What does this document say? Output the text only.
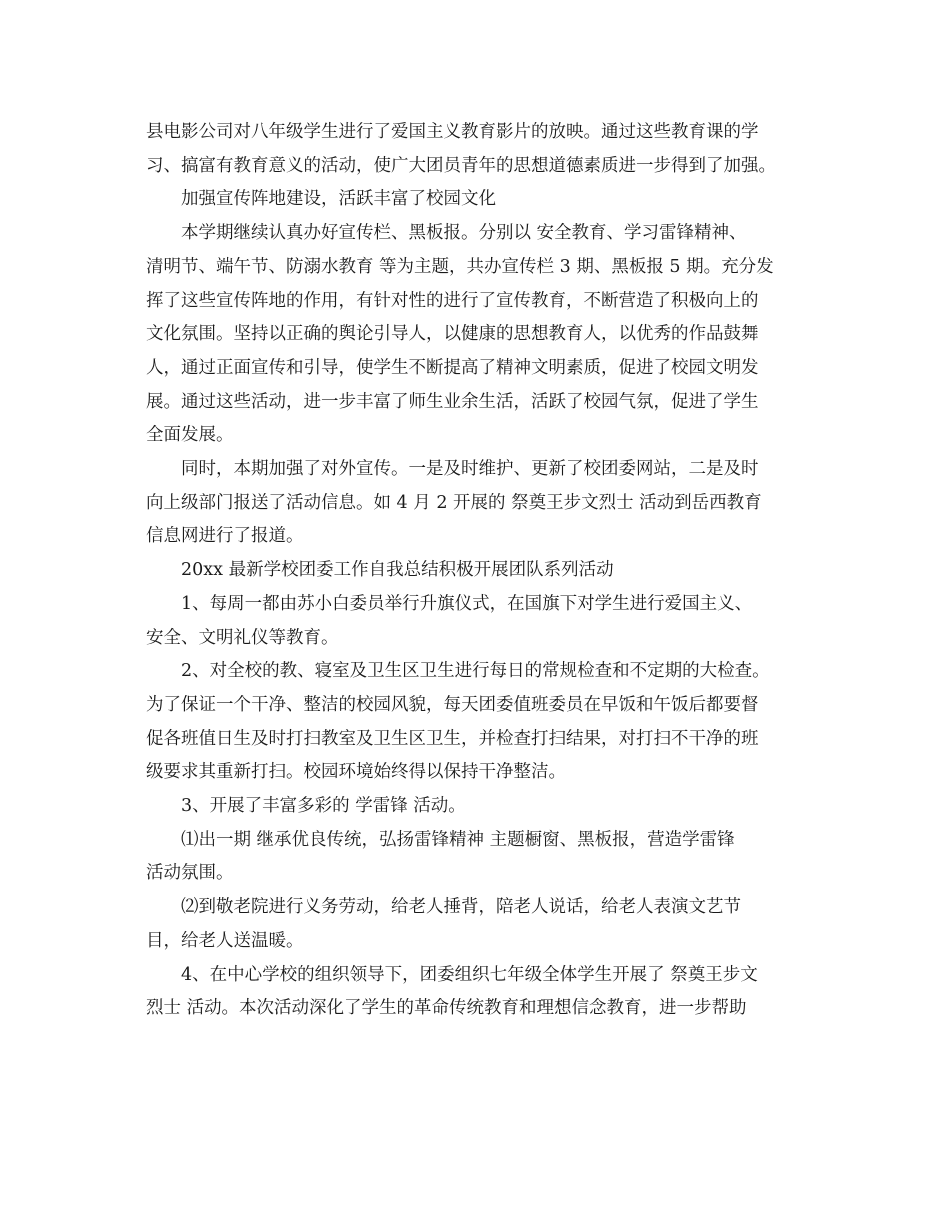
县电影公司对八年级学生进行了爱国主义教育影片的放映。通过这些教育课的学
习、搞富有教育意义的活动，使广大团员青年的思想道德素质进一步得到了加强。

加强宣传阵地建设，活跃丰富了校园文化

本学期继续认真办好宣传栏、黑板报。分别以 安全教育、学习雷锋精神、
清明节、端午节、防溺水教育 等为主题，共办宣传栏 3 期、黑板报 5 期。充分发
挥了这些宣传阵地的作用，有针对性的进行了宣传教育，不断营造了积极向上的
文化氛围。坚持以正确的舆论引导人，以健康的思想教育人，以优秀的作品鼓舞
人，通过正面宣传和引导，使学生不断提高了精神文明素质，促进了校园文明发
展。通过这些活动，进一步丰富了师生业余生活，活跃了校园气氛，促进了学生
全面发展。

同时，本期加强了对外宣传。一是及时维护、更新了校团委网站，二是及时
向上级部门报送了活动信息。如 4 月 2 开展的 祭奠王步文烈士 活动到岳西教育
信息网进行了报道。

20xx 最新学校团委工作自我总结积极开展团队系列活动

1、每周一都由苏小白委员举行升旗仪式，在国旗下对学生进行爱国主义、
安全、文明礼仪等教育。

2、对全校的教、寝室及卫生区卫生进行每日的常规检查和不定期的大检查。
为了保证一个干净、整洁的校园风貌，每天团委值班委员在早饭和午饭后都要督
促各班值日生及时打扫教室及卫生区卫生，并检查打扫结果，对打扫不干净的班
级要求其重新打扫。校园环境始终得以保持干净整洁。

3、开展了丰富多彩的 学雷锋 活动。

⑴出一期 继承优良传统，弘扬雷锋精神 主题橱窗、黑板报，营造学雷锋
活动氛围。

⑵到敬老院进行义务劳动，给老人捶背，陪老人说话，给老人表演文艺节
目，给老人送温暖。

4、在中心学校的组织领导下，团委组织七年级全体学生开展了 祭奠王步文
烈士 活动。本次活动深化了学生的革命传统教育和理想信念教育，进一步帮助
